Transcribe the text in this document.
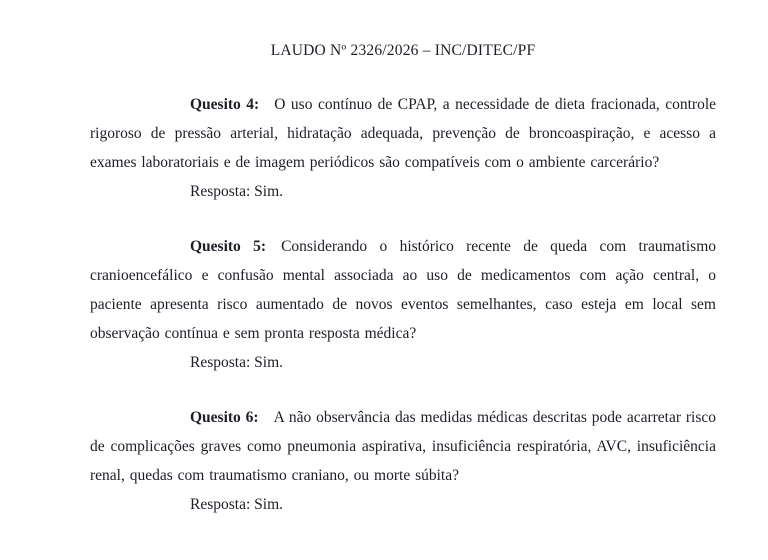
LAUDO Nº 2326/2026 – INC/DITEC/PF

Quesito 4: O uso contínuo de CPAP, a necessidade de dieta fracionada, controle rigoroso de pressão arterial, hidratação adequada, prevenção de broncoaspiração, e acesso a exames laboratoriais e de imagem periódicos são compatíveis com o ambiente carcerário?

Resposta: Sim.

Quesito 5: Considerando o histórico recente de queda com traumatismo cranioencefálico e confusão mental associada ao uso de medicamentos com ação central, o paciente apresenta risco aumentado de novos eventos semelhantes, caso esteja em local sem observação contínua e sem pronta resposta médica?

Resposta: Sim.

Quesito 6: A não observância das medidas médicas descritas pode acarretar risco de complicações graves como pneumonia aspirativa, insuficiência respiratória, AVC, insuficiência renal, quedas com traumatismo craniano, ou morte súbita?

Resposta: Sim.
